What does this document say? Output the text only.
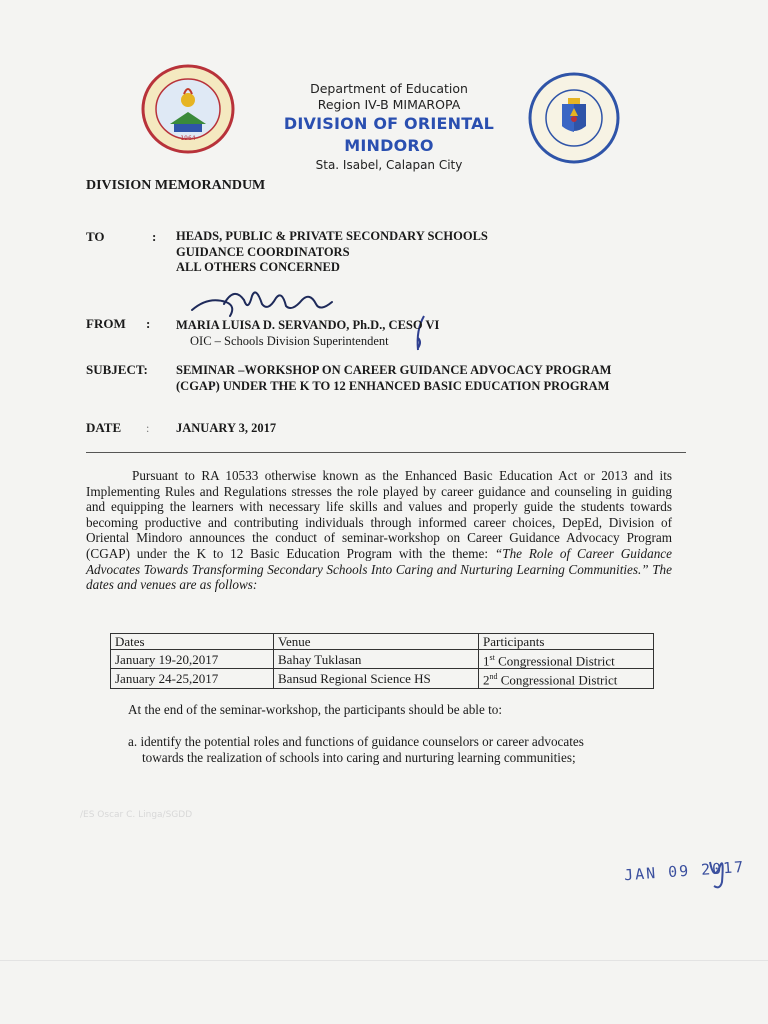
1964
Department of Education
Region IV-B MIMAROPA
DIVISION OF ORIENTAL MINDORO
Sta. Isabel, Calapan City
DIVISION MEMORANDUM
TO	: HEADS, PUBLIC & PRIVATE SECONDARY SCHOOLS
GUIDANCE COORDINATORS
ALL OTHERS CONCERNED
FROM : MARIA LUISA D. SERVANDO, Ph.D., CESO VI
OIC – Schools Division Superintendent
SUBJECT: SEMINAR –WORKSHOP ON CAREER GUIDANCE ADVOCACY PROGRAM
(CGAP) UNDER THE K TO 12 ENHANCED BASIC EDUCATION PROGRAM
DATE : JANUARY 3, 2017
Pursuant to RA 10533 otherwise known as the Enhanced Basic Education Act or 2013 and its Implementing Rules and Regulations stresses the role played by career guidance and counseling in guiding and equipping the learners with necessary life skills and values and properly guide the students towards becoming productive and contributing individuals through informed career choices, DepEd, Division of Oriental Mindoro announces the conduct of seminar-workshop on Career Guidance Advocacy Program (CGAP) under the K to 12 Basic Education Program with the theme: “The Role of Career Guidance Advocates Towards Transforming Secondary Schools Into Caring and Nurturing Learning Communities.” The dates and venues are as follows:
Dates	Venue	Participants
January 19-20,2017	Bahay Tuklasan	1st Congressional District
January 24-25,2017	Bansud Regional Science HS	2nd Congressional District
At the end of the seminar-workshop, the participants should be able to:
a. identify the potential roles and functions of guidance counselors or career advocates
towards the realization of schools into caring and nurturing learning communities;
/ES Oscar C. Linga/SGDD
JAN 09 2017
